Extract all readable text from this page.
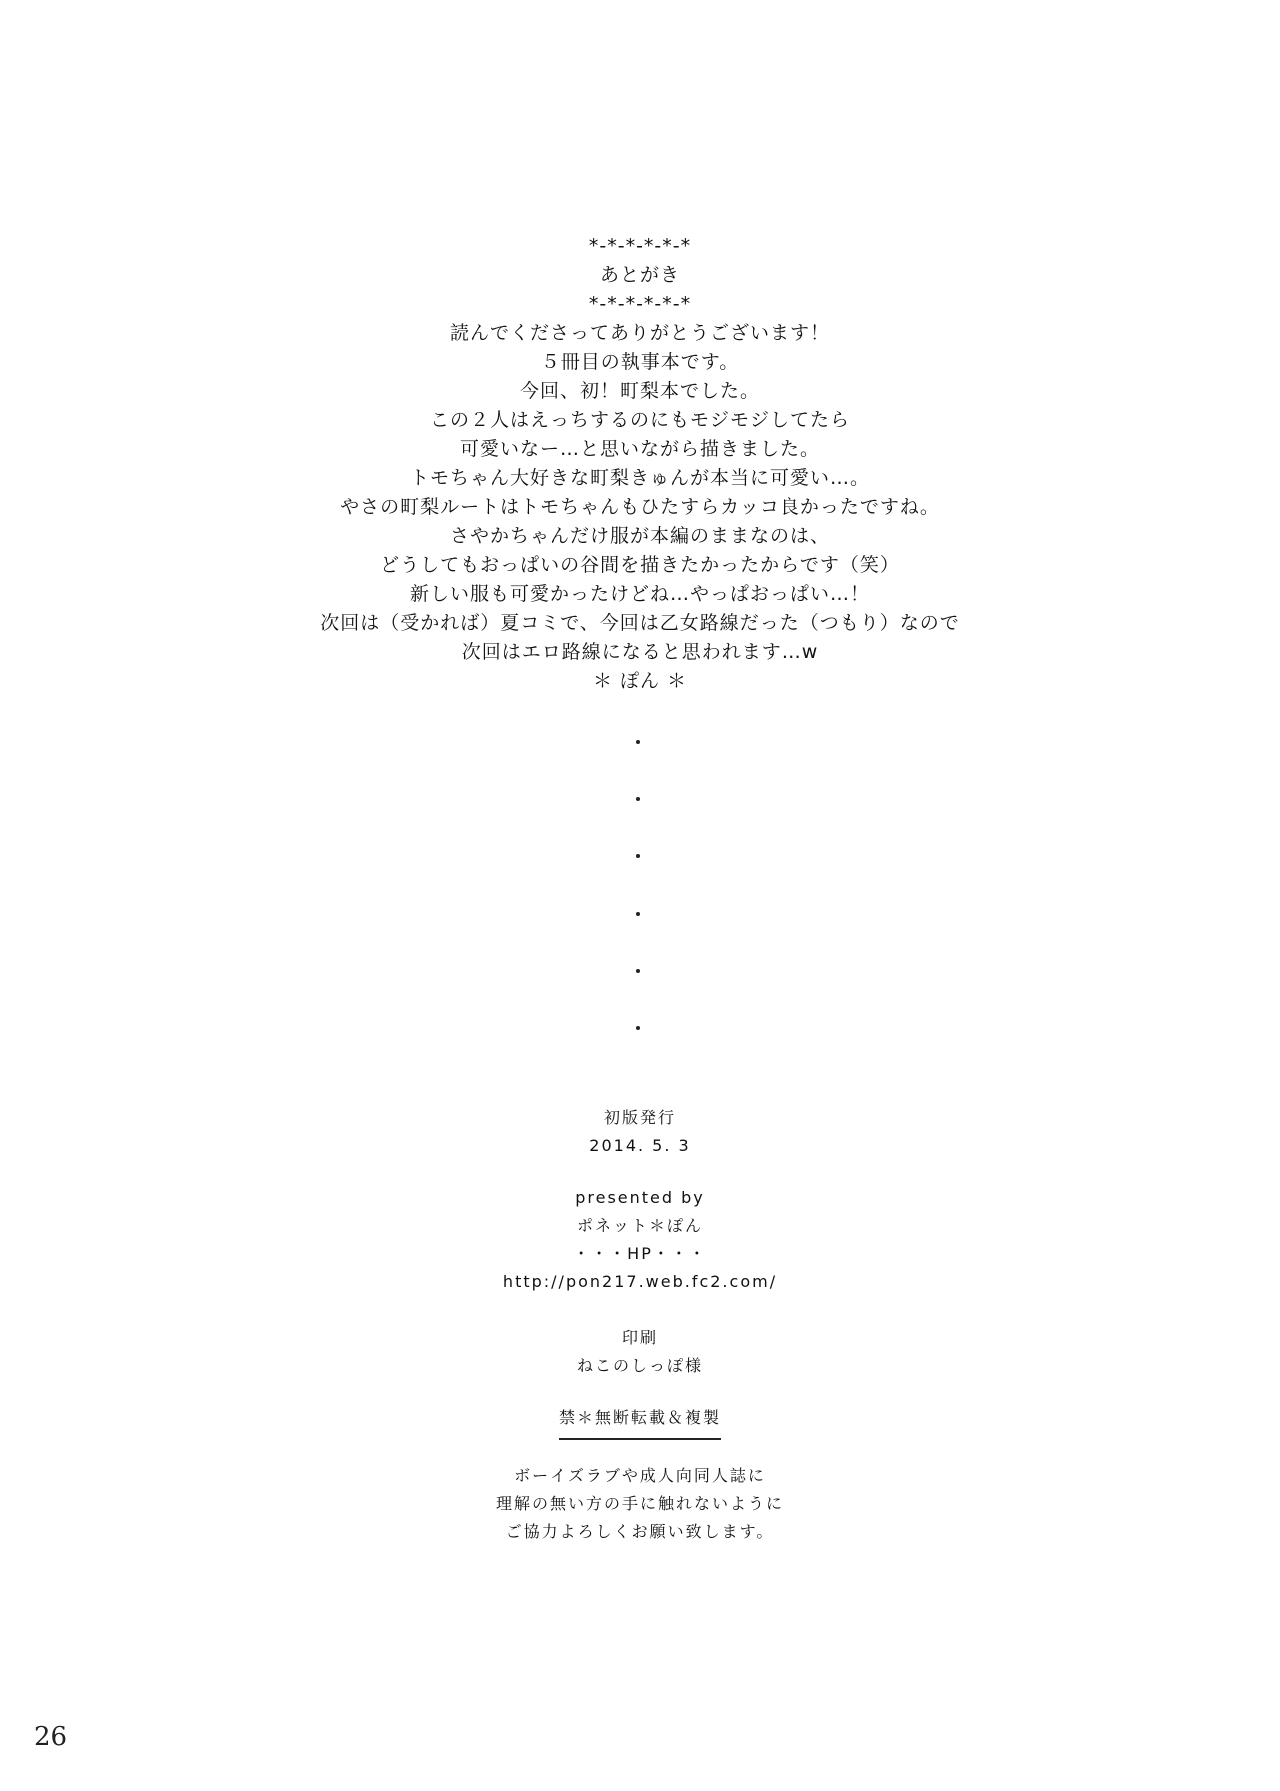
*-*-*-*-*-*
あとがき
*-*-*-*-*-*
読んでくださってありがとうございます！
５冊目の執事本です。
今回、初！町梨本でした。
この２人はえっちするのにもモジモジしてたら
可愛いなー…と思いながら描きました。
トモちゃん大好きな町梨きゅんが本当に可愛い…。
やさの町梨ルートはトモちゃんもひたすらカッコ良かったですね。
さやかちゃんだけ服が本編のままなのは、
どうしてもおっぱいの谷間を描きたかったからです（笑）
新しい服も可愛かったけどね…やっぱおっぱい…！
次回は（受かれば）夏コミで、今回は乙女路線だった（つもり）なので
次回はエロ路線になると思われます…w
＊ ぽん ＊
初版発行
2014. 5. 3
presented by
ポネット＊ぽん
・・・HP・・・
http://pon217.web.fc2.com/
印刷
ねこのしっぽ様
禁＊無断転載＆複製
ボーイズラブや成人向同人誌に
理解の無い方の手に触れないように
ご協力よろしくお願い致します。
26
